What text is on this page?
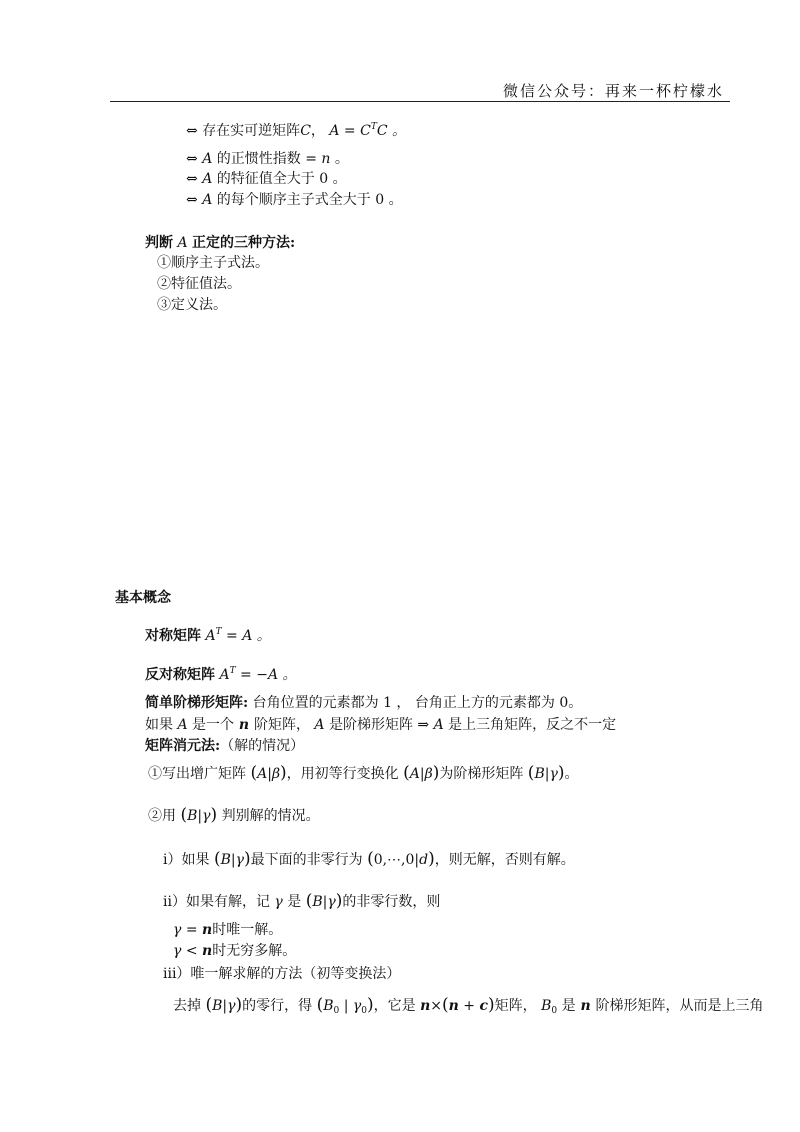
微信公众号：再来一杯柠檬水
⇔ 存在实可逆矩阵C， $A = C^TC$ 。
⇔ A 的正惯性指数 = n 。
⇔ A 的特征值全大于 0 。
⇔ A 的每个顺序主子式全大于 0 。
判断 A 正定的三种方法:
①顺序主子式法。
②特征值法。
③定义法。
基本概念
对称矩阵 $A^T = A$ 。
反对称矩阵 $A^T = -A$ 。
简单阶梯形矩阵: 台角位置的元素都为 1 ， 台角正上方的元素都为 0。
如果 A 是一个 n 阶矩阵， A 是阶梯形矩阵 ⇒ A 是上三角矩阵，反之不一定
矩阵消元法:（解的情况）
①写出增广矩阵 (A|β)，用初等行变换化 (A|β)为阶梯形矩阵 (B|γ)。
②用 (B|γ) 判别解的情况。
i）如果 (B|γ)最下面的非零行为 (0,⋯,0|d)，则无解，否则有解。
ii）如果有解，记 γ 是 (B|γ)的非零行数，则
γ = n时唯一解。
γ < n时无穷多解。
iii）唯一解求解的方法（初等变换法）
去掉 (B|γ)的零行，得 ($B_0$ | $\gamma_0$)，它是 n×(n + c)矩阵， $B_0$ 是 n 阶梯形矩阵，从而是上三角
